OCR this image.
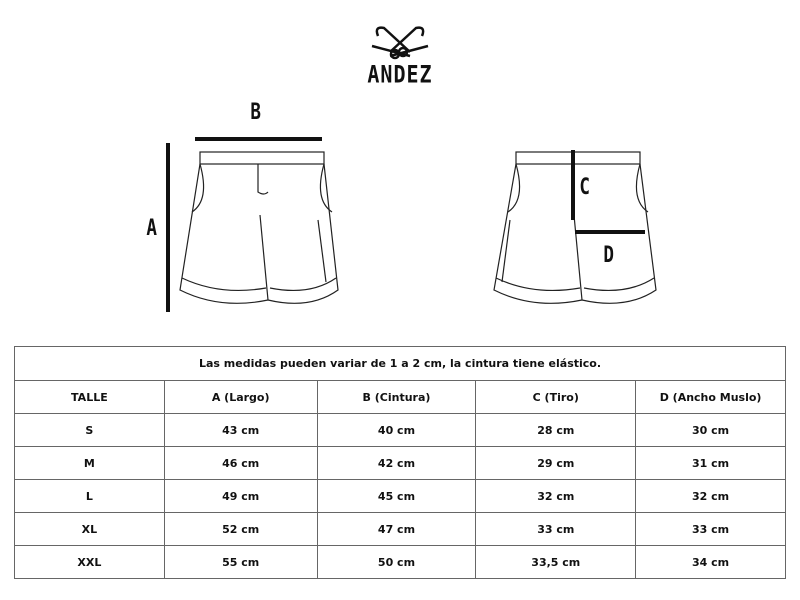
ANDEZ
B
A
C
D
Las medidas pueden variar de 1 a 2 cm, la cintura tiene elástico.				
TALLE	A (Largo)	B (Cintura)	C (Tiro)	D (Ancho Muslo)
S	43 cm	40 cm	28 cm	30 cm
M	46 cm	42 cm	29 cm	31 cm
L	49 cm	45 cm	32 cm	32 cm
XL	52 cm	47 cm	33 cm	33 cm
XXL	55 cm	50 cm	33,5 cm	34 cm
